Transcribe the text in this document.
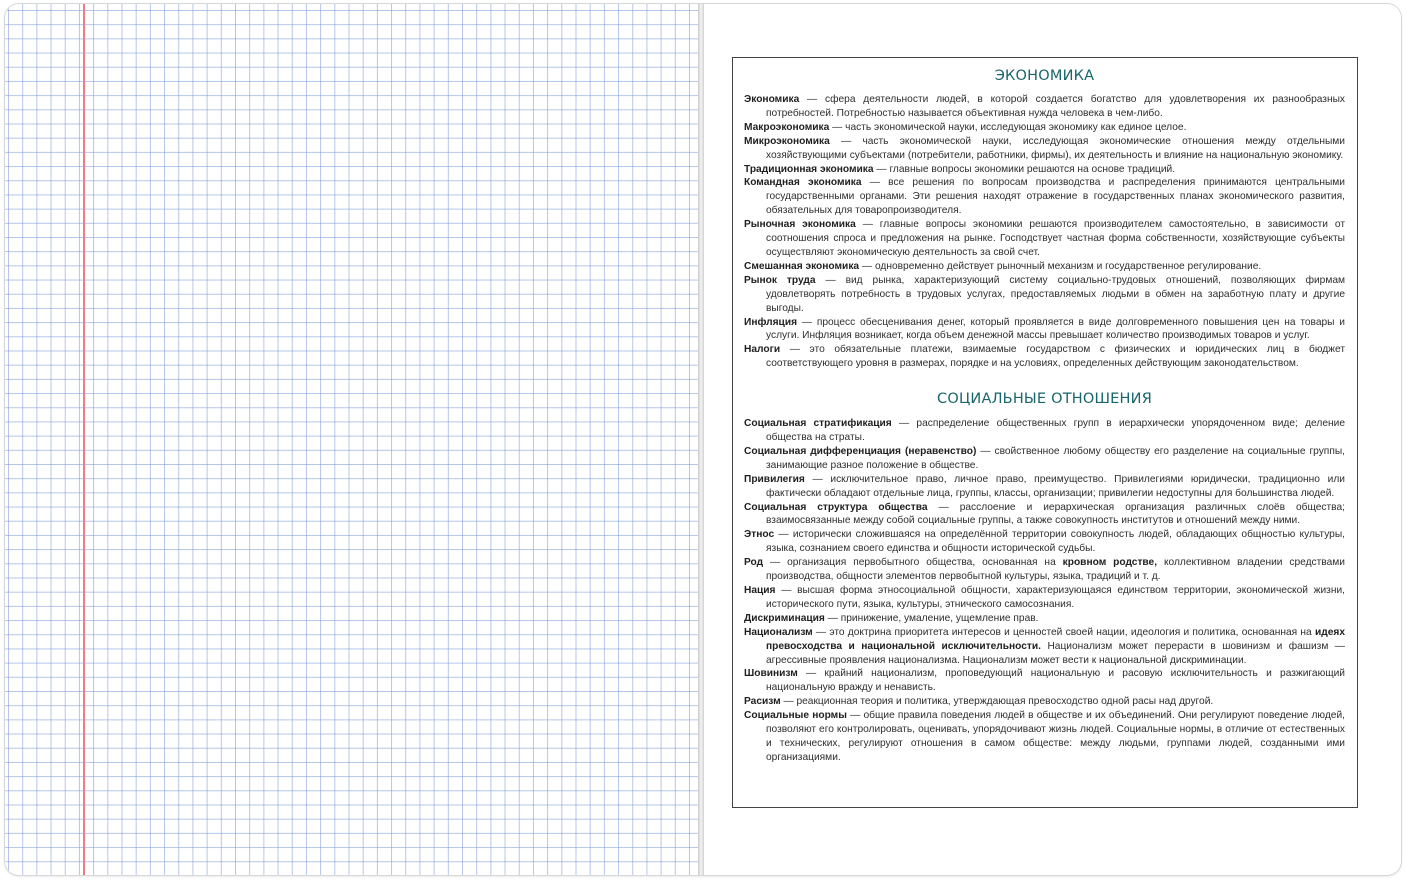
ЭКОНОМИКА

Экономика — сфера деятельности людей, в которой создается богатство для удовлетворения их разнообразных потребностей. Потребностью называется объективная нужда человека в чем-либо.

Макроэкономика — часть экономической науки, исследующая экономику как единое целое.

Микроэкономика — часть экономической науки, исследующая экономические отношения между отдельными хозяйствующими субъектами (потребители, работники, фирмы), их деятельность и влияние на национальную экономику.

Традиционная экономика — главные вопросы экономики решаются на основе традиций.

Командная экономика — все решения по вопросам производства и распределения принимаются центральными государственными органами. Эти решения находят отражение в государственных планах экономического развития, обязательных для товаропроизводителя.

Рыночная экономика — главные вопросы экономики решаются производителем самостоятельно, в зависимости от соотношения спроса и предложения на рынке. Господствует частная форма собственности, хозяйствующие субъекты осуществляют экономическую деятельность за свой счет.

Смешанная экономика — одновременно действует рыночный механизм и государственное регулирование.

Рынок труда — вид рынка, характеризующий систему социально-трудовых отношений, позволяющих фирмам удовлетворять потребность в трудовых услугах, предоставляемых людьми в обмен на заработную плату и другие выгоды.

Инфляция — процесс обесценивания денег, который проявляется в виде долговременного повышения цен на товары и услуги. Инфляция возникает, когда объем денежной массы превышает количество производимых товаров и услуг.

Налоги — это обязательные платежи, взимаемые государством с физических и юридических лиц в бюджет соответствующего уровня в размерах, порядке и на условиях, определенных действующим законодательством.

СОЦИАЛЬНЫЕ ОТНОШЕНИЯ

Социальная стратификация — распределение общественных групп в иерархически упорядоченном виде; деление общества на страты.

Социальная дифференциация (неравенство) — свойственное любому обществу его разделение на социальные группы, занимающие разное положение в обществе.

Привилегия — исключительное право, личное право, преимущество. Привилегиями юридически, традиционно или фактически обладают отдельные лица, группы, классы, организации; привилегии недоступны для большинства людей.

Социальная структура общества — расслоение и иерархическая организация различных слоёв общества; взаимосвязанные между собой социальные группы, а также совокупность институтов и отношений между ними.

Этнос — исторически сложившаяся на определённой территории совокупность людей, обладающих общностью культуры, языка, сознанием своего единства и общности исторической судьбы.

Род — организация первобытного общества, основанная на кровном родстве, коллективном владении средствами производства, общности элементов первобытной культуры, языка, традиций и т. д.

Нация — высшая форма этносоциальной общности, характеризующаяся единством территории, экономической жизни, исторического пути, языка, культуры, этнического самосознания.

Дискриминация — принижение, умаление, ущемление прав.

Национализм — это доктрина приоритета интересов и ценностей своей нации, идеология и политика, основанная на идеях превосходства и национальной исключительности. Национализм может перерасти в шовинизм и фашизм — агрессивные проявления национализма. Национализм может вести к национальной дискриминации.

Шовинизм — крайний национализм, проповедующий национальную и расовую исключительность и разжигающий национальную вражду и ненависть.

Расизм — реакционная теория и политика, утверждающая превосходство одной расы над другой.

Социальные нормы — общие правила поведения людей в обществе и их объединений. Они регулируют поведение людей, позволяют его контролировать, оценивать, упорядочивают жизнь людей. Социальные нормы, в отличие от естественных и технических, регулируют отношения в самом обществе: между людьми, группами людей, созданными ими организациями.
